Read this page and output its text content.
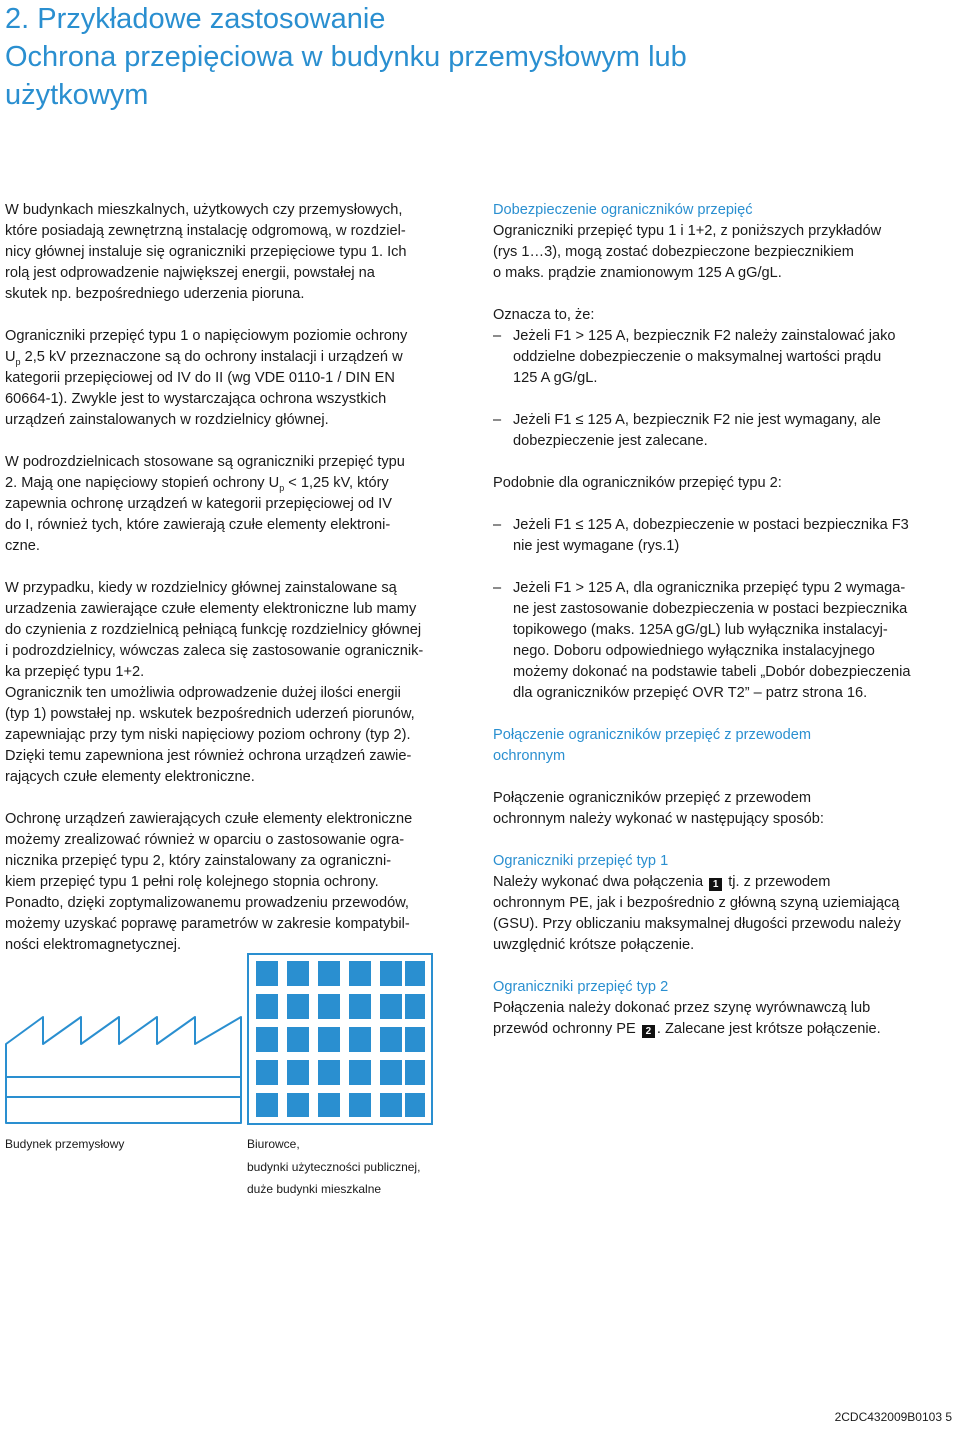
2. Przykładowe zastosowanie
Ochrona przepięciowa w budynku przemysłowym lub
użytkowym

W budynkach mieszkalnych, użytkowych czy przemysłowych,
które posiadają zewnętrzną instalację odgromową, w rozdziel-
nicy głównej instaluje się ograniczniki przepięciowe typu 1. Ich
rolą jest odprowadzenie największej energii, powstałej na
skutek np. bezpośredniego uderzenia pioruna.

Ograniczniki przepięć typu 1 o napięciowym poziomie ochrony
$U_p$ 2,5 kV przeznaczone są do ochrony instalacji i urządzeń w
kategorii przepięciowej od IV do II (wg VDE 0110-1 / DIN EN
60664-1). Zwykle jest to wystarczająca ochrona wszystkich
urządzeń zainstalowanych w rozdzielnicy głównej.

W podrozdzielnicach stosowane są ograniczniki przepięć typu
2. Mają one napięciowy stopień ochrony $U_p < 1,25$ kV, który
zapewnia ochronę urządzeń w kategorii przepięciowej od IV
do I, również tych, które zawierają czułe elementy elektroni-
czne.

W przypadku, kiedy w rozdzielnicy głównej zainstalowane są
urzadzenia zawierające czułe elementy elektroniczne lub mamy
do czynienia z rozdzielnicą pełniącą funkcję rozdzielnicy głównej
i podrozdzielnicy, wówczas zaleca się zastosowanie ogranicznik-
ka przepięć typu 1+2.
Ogranicznik ten umożliwia odprowadzenie dużej ilości energii
(typ 1) powstałej np. wskutek bezpośrednich uderzeń piorunów,
zapewniając przy tym niski napięciowy poziom ochrony (typ 2).
Dzięki temu zapewniona jest również ochrona urządzeń zawie-
rających czułe elementy elektroniczne.

Ochronę urządzeń zawierających czułe elementy elektroniczne
możemy zrealizować również w oparciu o zastosowanie ogra-
nicznika przepięć typu 2, który zainstalowany za ograniczni-
kiem przepięć typu 1 pełni rolę kolejnego stopnia ochrony.
Ponadto, dzięki zoptymalizowanemu prowadzeniu przewodów,
możemy uzyskać poprawę parametrów w zakresie kompatybil-
ności elektromagnetycznej.

Dobezpieczenie ograniczników przepięć

Ograniczniki przepięć typu 1 i 1+2, z poniższych przykładów
(rys 1…3), mogą zostać dobezpieczone bezpiecznikiem
o maks. prądzie znamionowym 125 A gG/gL.

Oznacza to, że:

– Jeżeli F1 > 125 A, bezpiecznik F2 należy zainstalować jako
oddzielne dobezpieczenie o maksymalnej wartości prądu
125 A gG/gL.
– Jeżeli F1 ≤ 125 A, bezpiecznik F2 nie jest wymagany, ale
dobezpieczenie jest zalecane.

Podobnie dla ograniczników przepięć typu 2:

– Jeżeli F1 ≤ 125 A, dobezpieczenie w postaci bezpiecznika F3
nie jest wymagane (rys.1)
– Jeżeli F1 > 125 A, dla ogranicznika przepięć typu 2 wymaga-
ne jest zastosowanie dobezpieczenia w postaci bezpiecznika
topikowego (maks. 125A gG/gL) lub wyłącznika instalacyj-
nego. Doboru odpowiedniego wyłącznika instalacyjnego
możemy dokonać na podstawie tabeli „Dobór dobezpieczenia
dla ograniczników przepięć OVR T2” – patrz strona 16.

Połączenie ograniczników przepięć z przewodem
ochronnym

Połączenie ograniczników przepięć z przewodem
ochronnym należy wykonać w następujący sposób:

Ograniczniki przepięć typ 1

Należy wykonać dwa połączenia 1 tj. z przewodem
ochronnym PE, jak i bezpośrednio z główną szyną uziemiającą
(GSU). Przy obliczaniu maksymalnej długości przewodu należy
uwzględnić krótsze połączenie.

Ograniczniki przepięć typ 2

Połączenia należy dokonać przez szynę wyrównawczą lub
przewód ochronny PE 2 . Zalecane jest krótsze połączenie.

Budynek przemysłowy	Biurowce,
budynki użyteczności publicznej,
duże budynki mieszkalne
2CDC432009B0103 5
